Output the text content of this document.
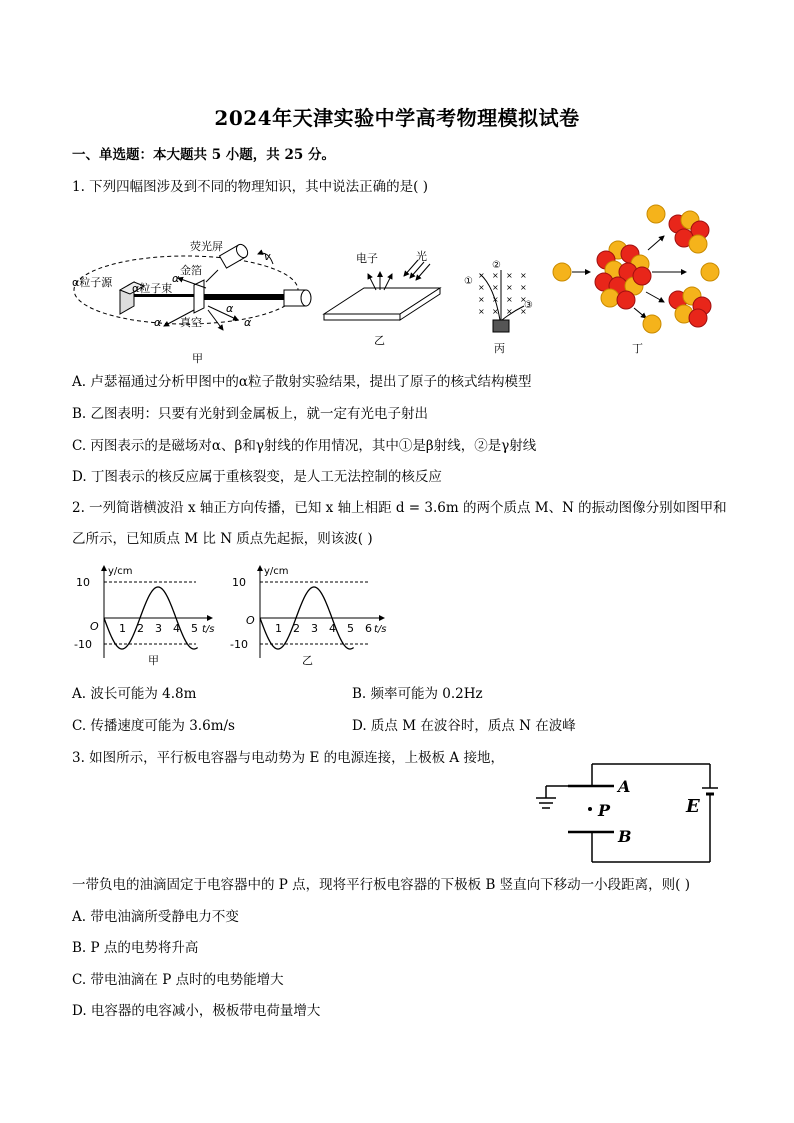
2024年天津实验中学高考物理模拟试卷
一、单选题：本大题共 5 小题，共 25 分。
1. 下列四幅图涉及到不同的物理知识，其中说法正确的是( )
荧光屏
金箔
α粒子源 α粒子束
真空
α
α
α
α
v
甲
电子	光
乙
× × × ×
× × × ×
× × × ×
× × × ×
①
②
③
丙	丁
A. 卢瑟福通过分析甲图中的α粒子散射实验结果，提出了原子的核式结构模型
B. 乙图表明：只要有光射到金属板上，就一定有光电子射出
C. 丙图表示的是磁场对α、β和γ射线的作用情况，其中①是β射线，②是γ射线
D. 丁图表示的核反应属于重核裂变，是人工无法控制的核反应
2. 一列简谐横波沿 x 轴正方向传播，已知 x 轴上相距 d = 3.6m 的两个质点 M、N 的振动图像分别如图甲和
乙所示，已知质点 M 比 N 质点先起振，则该波( )
y/cm
10
-10
O	t/s
1 2 3 4 5
甲
y/cm
10
-10
O
t/s
1 2 3 4 5 6
乙
A. 波长可能为 4.8m	B. 频率可能为 0.2Hz
C. 传播速度可能为 3.6m/s	D. 质点 M 在波谷时，质点 N 在波峰
3. 如图所示，平行板电容器与电动势为 E 的电源连接，上极板 A 接地，
A
P
B
E
一带负电的油滴固定于电容器中的 P 点，现将平行板电容器的下极板 B 竖直向下移动一小段距离，则( )
A. 带电油滴所受静电力不变
B. P 点的电势将升高
C. 带电油滴在 P 点时的电势能增大
D. 电容器的电容减小，极板带电荷量增大
